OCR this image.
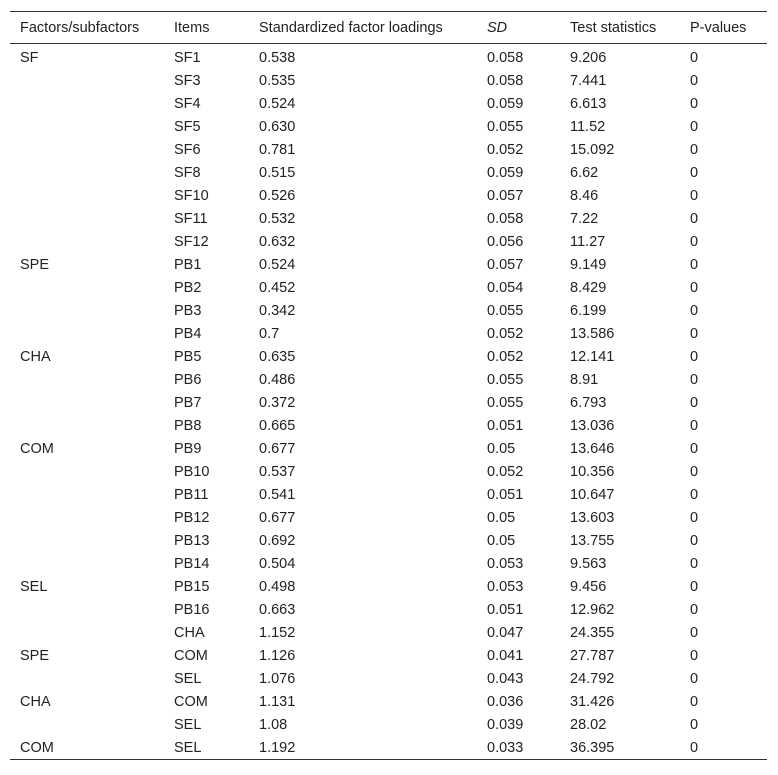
Factors/subfactors	Items	Standardized factor loadings	SD	Test statistics	P-values
SF	SF1	0.538	0.058	9.206	0
	SF3	0.535	0.058	7.441	0
	SF4	0.524	0.059	6.613	0
	SF5	0.630	0.055	11.52	0
	SF6	0.781	0.052	15.092	0
	SF8	0.515	0.059	6.62	0
	SF10	0.526	0.057	8.46	0
	SF11	0.532	0.058	7.22	0
	SF12	0.632	0.056	11.27	0
SPE	PB1	0.524	0.057	9.149	0
	PB2	0.452	0.054	8.429	0
	PB3	0.342	0.055	6.199	0
	PB4	0.7	0.052	13.586	0
CHA	PB5	0.635	0.052	12.141	0
	PB6	0.486	0.055	8.91	0
	PB7	0.372	0.055	6.793	0
	PB8	0.665	0.051	13.036	0
COM	PB9	0.677	0.05	13.646	0
	PB10	0.537	0.052	10.356	0
	PB11	0.541	0.051	10.647	0
	PB12	0.677	0.05	13.603	0
	PB13	0.692	0.05	13.755	0
	PB14	0.504	0.053	9.563	0
SEL	PB15	0.498	0.053	9.456	0
	PB16	0.663	0.051	12.962	0
	CHA	1.152	0.047	24.355	0
SPE	COM	1.126	0.041	27.787	0
	SEL	1.076	0.043	24.792	0
CHA	COM	1.131	0.036	31.426	0
	SEL	1.08	0.039	28.02	0
COM	SEL	1.192	0.033	36.395	0
